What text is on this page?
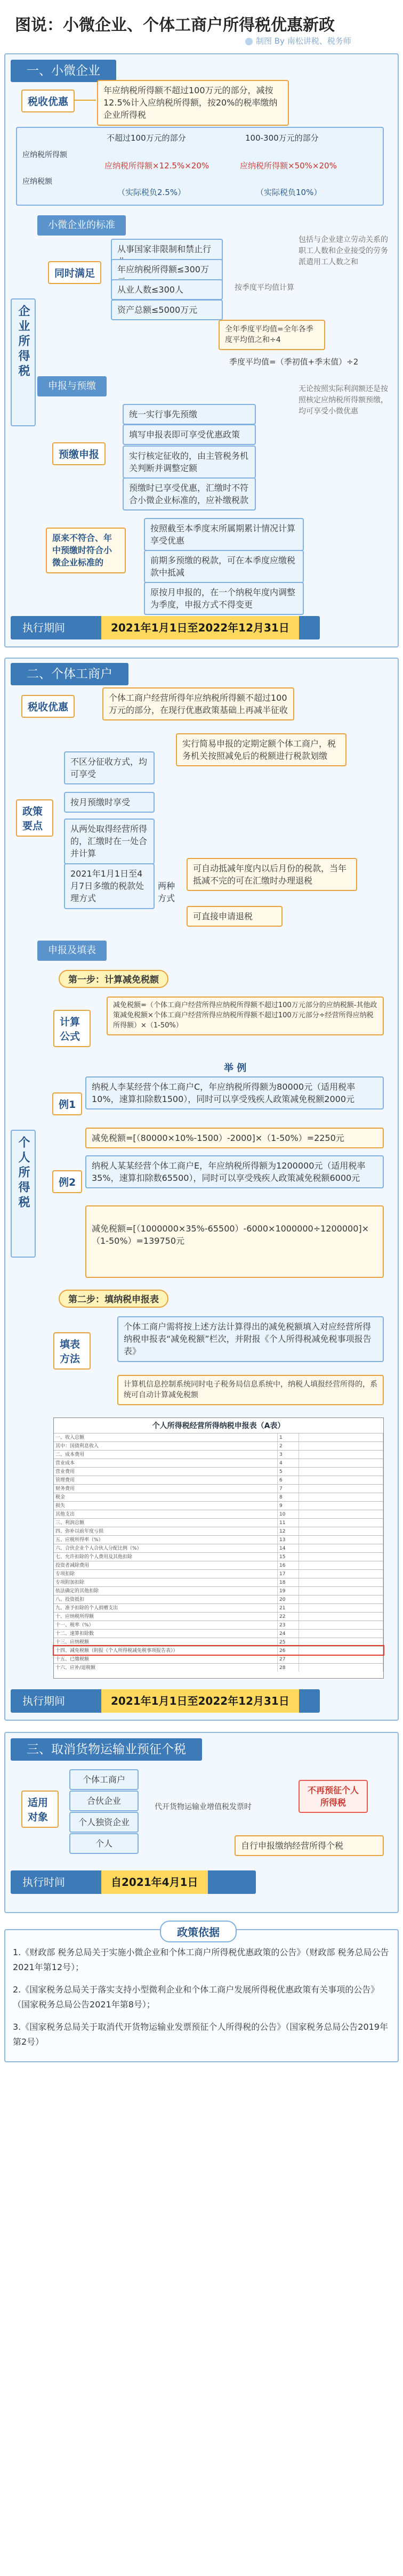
图说：小微企业、个体工商户所得税优惠新政
制图 By 南松讲税、税务师
一、小微企业
税收优惠
年应纳税所得额不超过100万元的部分，减按12.5%计入应纳税所得额，按20%的税率缴纳企业所得税
不超过100万元的部分	100-300万元的部分
应纳税所得额
应纳税额
应纳税所得额×12.5%×20%	应纳税所得额×50%×20%
（实际税负2.5%）	（实际税负10%）
企业所得税
小微企业的标准
同时满足
从事国家非限制和禁止行
年应纳税所得额≤300万
从业人数≤300人
资产总额≤5000万元
包括与企业建立劳动关系的职工人数和企业接受的劳务派遣用工人数之和
按季度平均值计算
全年季度平均值=全年各季度平均值之和÷4
季度平均值=（季初值+季末值）÷2
申报与预缴
预缴申报
统一实行事先预缴
填写申报表即可享受优惠政策
实行核定征收的，由主管税务机关判断并调整定额
预缴时已享受优惠，汇缴时不符合小微企业标准的，应补缴税款
无论按照实际利润额还是按照核定应纳税所得额预缴，均可享受小微优惠
原来不符合、年中预缴时符合小微企业标准的
按照截至本季度末所属期累计情况计算享受优惠
前期多预缴的税款，可在本季度应缴税款中抵减
原按月申报的，在一个纳税年度内调整为季度，申报方式不得变更
执行期间	2021年1月1日至2022年12月31日
二、个体工商户
税收优惠
个体工商户经营所得年应纳税所得额不超过100万元的部分，在现行优惠政策基础上再减半征收
政策要点
不区分征收方式，均可享受
按月预缴时享受
从两处取得经营所得的，汇缴时在一处合并计算
2021年1月1日至4月7日多缴的税款处理方式
实行简易申报的定期定额个体工商户，税务机关按照减免后的税额进行税款划缴
两种方式
可自动抵减年度内以后月份的税款，当年抵减不完的可在汇缴时办理退税
可直接申请退税
个人所得税
申报及填表
第一步：计算减免税额
计算公式
减免税额=（个体工商户经营所得应纳税所得额不超过100万元部分的应纳税额-其他政策减免税额×个体工商户经营所得应纳税所得额不超过100万元部分÷经营所得应纳税所得额）×（1-50%）
举 例
例1
纳税人李某经营个体工商户C，年应纳税所得额为80000元（适用税率10%，速算扣除数1500），同时可以享受残疾人政策减免税额2000元
减免税额=[（80000×10%-1500）-2000]×（1-50%）=2250元
例2
纳税人某某经营个体工商户E，年应纳税所得额为1200000元（适用税率35%，速算扣除数65500），同时可以享受残疾人政策减免税额6000元
减免税额=[（1000000×35%-65500）-6000×1000000÷1200000]×（1-50%）=139750元
第二步：填纳税申报表
填表方法
个体工商户需将按上述方法计算得出的减免税额填入对应经营所得纳税申报表“减免税额”栏次，并附报《个人所得税减免税事项报告表》
计算机信息控制系统同时电子税务局信息系统中，纳税人填报经营所得的，系统可自动计算减免税额
个人所得税经营所得纳税申报表（A表）
一、收入总额	1
其中：国债利息收入	2
二、成本费用	3
营业成本	4
营业费用	5
管理费用	6
财务费用	7
税金	8
损失	9
其他支出	10
三、利润总额	11
四、弥补以前年度亏损	12
五、应税所得率（%）	13
六、合伙企业个人合伙人分配比例（%）	14
七、允许扣除的个人费用及其他扣除	15
投资者减除费用	16
专项扣除	17
专项附加扣除	18
依法确定的其他扣除	19
八、投资抵扣	20
九、准予扣除的个人捐赠支出	21
十、应纳税所得额	22
十一、税率（%）	23
十二、速算扣除数	24
十三、应纳税额	25
十四、减免税额（附报《个人所得税减免税事项报告表》）	26
十五、已缴税额	27
十六、应补/退税额	28
执行期间	2021年1月1日至2022年12月31日
三、取消货物运输业预征个税
适用对象
个体工商户
合伙企业
个人独资企业
个人
代开货物运输业增值税发票时
不再预征个人所得税
自行申报缴纳经营所得个税
执行时间	自2021年4月1日
政策依据
1.《财政部 税务总局关于实施小微企业和个体工商户所得税优惠政策的公告》（财政部 税务总局公告2021年第12号）；
2.《国家税务总局关于落实支持小型微利企业和个体工商户发展所得税优惠政策有关事项的公告》（国家税务总局公告2021年第8号）；
3.《国家税务总局关于取消代开货物运输业发票预征个人所得税的公告》（国家税务总局公告2019年第2号）
